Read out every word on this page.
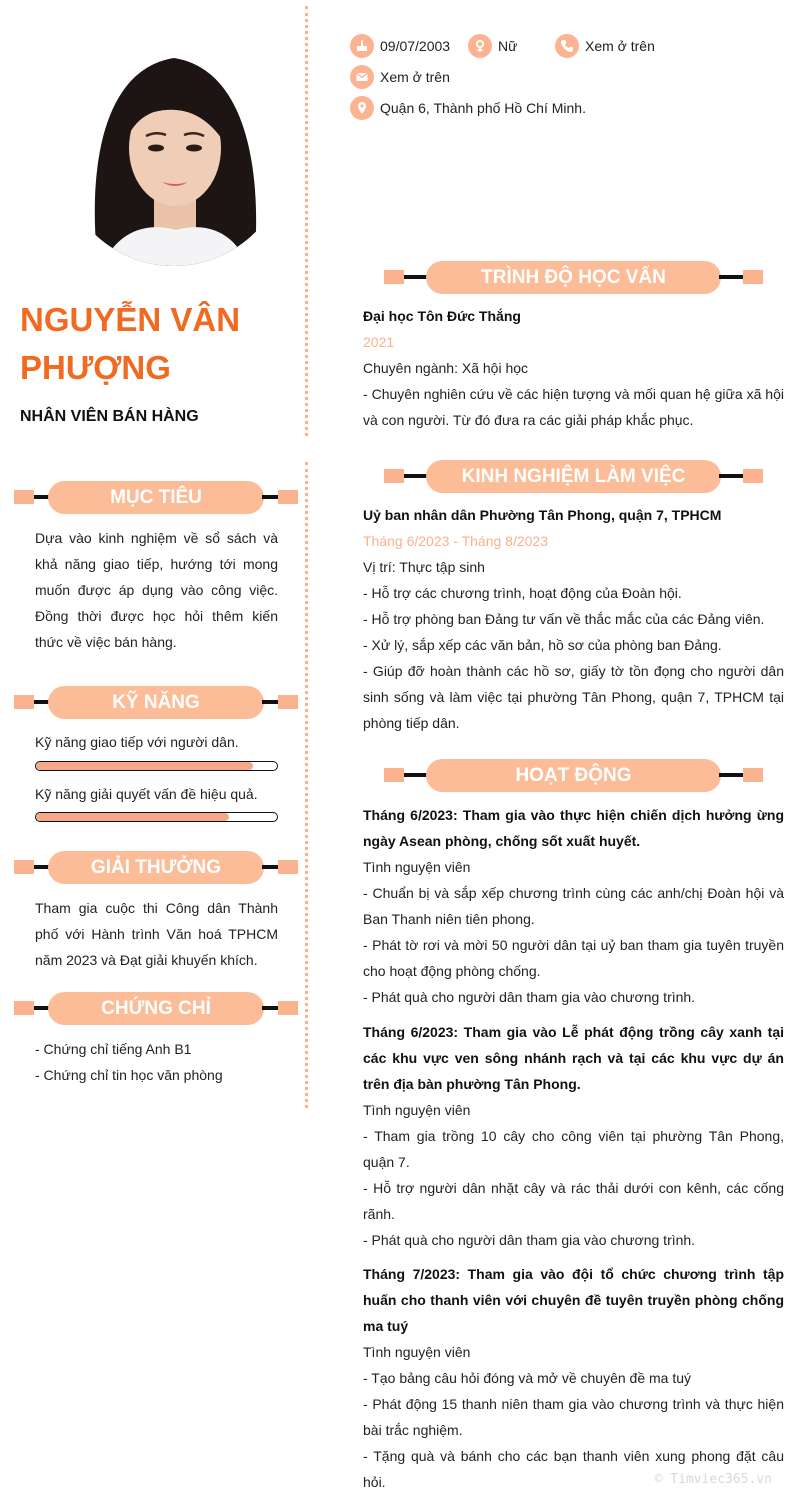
NGUYỄN VÂN
PHƯỢNG
NHÂN VIÊN BÁN HÀNG
MỤC TIÊU
Dựa vào kinh nghiệm về sổ sách và khả năng giao tiếp, hướng tới mong muốn được áp dụng vào công việc. Đồng thời được học hỏi thêm kiến thức về việc bán hàng.
KỸ NĂNG
Kỹ năng giao tiếp với người dân.
Kỹ năng giải quyết vấn đề hiệu quả.
GIẢI THƯỞNG
Tham gia cuộc thi Công dân Thành phố với Hành trình Văn hoá TPHCM năm 2023 và Đạt giải khuyến khích.
CHỨNG CHỈ
- Chứng chỉ tiếng Anh B1
- Chứng chỉ tin học văn phòng
09/07/2003	Nữ	Xem ở trên
Xem ở trên
Quận 6, Thành phố Hồ Chí Minh.
TRÌNH ĐỘ HỌC VẤN
Đại học Tôn Đức Thắng
2021
Chuyên ngành: Xã hội học
- Chuyên nghiên cứu về các hiện tượng và mối quan hệ giữa xã hội và con người. Từ đó đưa ra các giải pháp khắc phục.
KINH NGHIỆM LÀM VIỆC
Uỷ ban nhân dân Phường Tân Phong, quận 7, TPHCM
Tháng 6/2023 - Tháng 8/2023
Vị trí: Thực tập sinh
- Hỗ trợ các chương trình, hoạt động của Đoàn hội.
- Hỗ trợ phòng ban Đảng tư vấn về thắc mắc của các Đảng viên.
- Xử lý, sắp xếp các văn bản, hồ sơ của phòng ban Đảng.
- Giúp đỡ hoàn thành các hồ sơ, giấy tờ tồn đọng cho người dân sinh sống và làm việc tại phường Tân Phong, quận 7, TPHCM tại phòng tiếp dân.
HOẠT ĐỘNG
Tháng 6/2023: Tham gia vào thực hiện chiến dịch hưởng ừng ngày Asean phòng, chống sốt xuất huyết.
Tình nguyện viên
- Chuẩn bị và sắp xếp chương trình cùng các anh/chị Đoàn hội và Ban Thanh niên tiên phong.
- Phát tờ rơi và mời 50 người dân tại uỷ ban tham gia tuyên truyền cho hoạt động phòng chống.
- Phát quà cho người dân tham gia vào chương trình.
Tháng 6/2023: Tham gia vào Lễ phát động trồng cây xanh tại các khu vực ven sông nhánh rạch và tại các khu vực dự án trên địa bàn phường Tân Phong.
Tình nguyện viên
- Tham gia trồng 10 cây cho công viên tại phường Tân Phong, quận 7.
- Hỗ trợ người dân nhặt cây và rác thải dưới con kênh, các cống rãnh.
- Phát quà cho người dân tham gia vào chương trình.
Tháng 7/2023: Tham gia vào đội tổ chức chương trình tập huấn cho thanh viên với chuyên đề tuyên truyền phòng chống ma tuý
Tình nguyện viên
- Tạo bảng câu hỏi đóng và mở về chuyên đề ma tuý
- Phát động 15 thanh niên tham gia vào chương trình và thực hiện bài trắc nghiệm.
- Tặng quà và bánh cho các bạn thanh viên xung phong đặt câu hỏi.	© Timviec365.vn
